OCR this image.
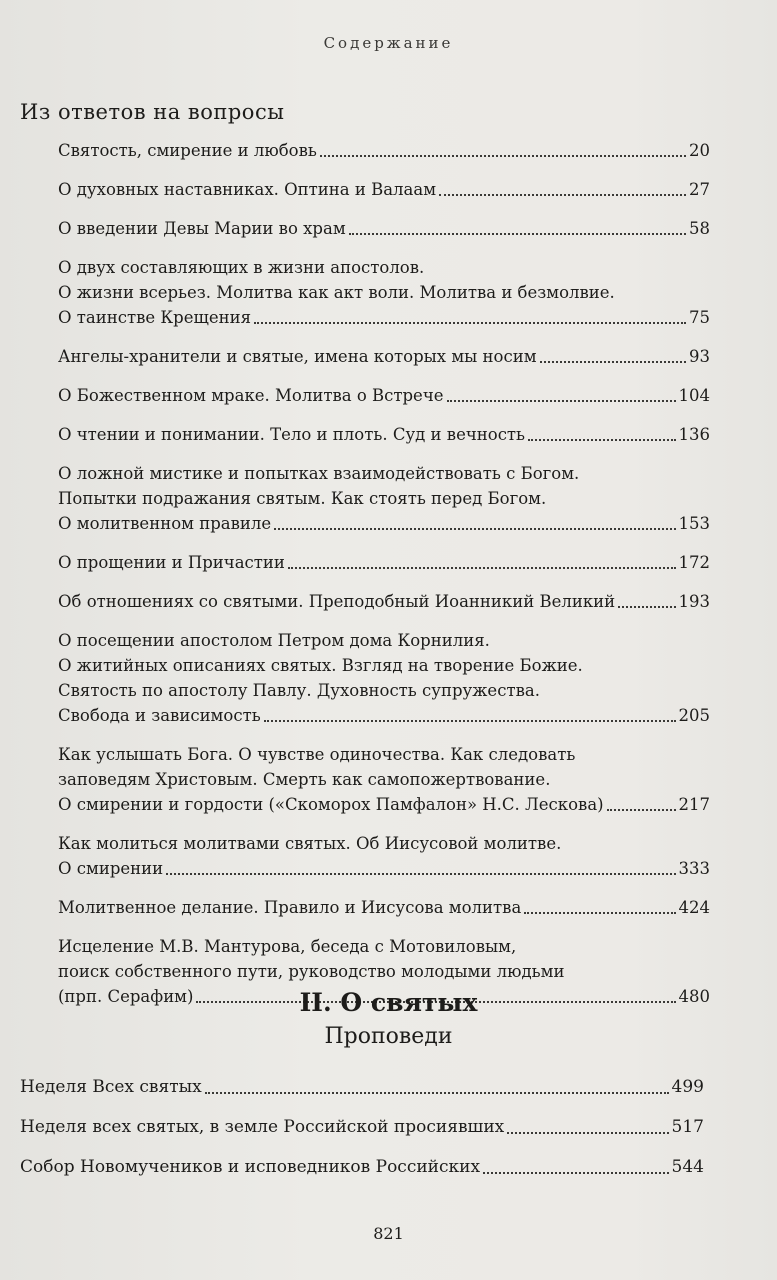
Содержание
Из ответов на вопросы
Святость, смирение и любовь	20
О духовных наставниках. Оптина и Валаам	27
О введении Девы Марии во храм	58
О двух составляющих в жизни апостолов.
О жизни всерьез. Молитва как акт воли. Молитва и безмолвие.
О таинстве Крещения	75
Ангелы-хранители и святые, имена которых мы носим	93
О Божественном мраке. Молитва о Встрече	104
О чтении и понимании. Тело и плоть. Суд и вечность	136
О ложной мистике и попытках взаимодействовать с Богом.
Попытки подражания святым. Как стоять перед Богом.
О молитвенном правиле	153
О прощении и Причастии	172
Об отношениях со святыми. Преподобный Иоанникий Великий	193
О посещении апостолом Петром дома Корнилия.
О житийных описаниях святых. Взгляд на творение Божие.
Святость по апостолу Павлу. Духовность супружества.
Свобода и зависимость	205
Как услышать Бога. О чувстве одиночества. Как следовать
заповедям Христовым. Смерть как самопожертвование.
О смирении и гордости («Скоморох Памфалон» Н.С. Лескова)	217
Как молиться молитвами святых. Об Иисусовой молитве.
О смирении	333
Молитвенное делание. Правило и Иисусова молитва	424
Исцеление М.В. Мантурова, беседа с Мотовиловым,
поиск собственного пути, руководство молодыми людьми
(прп. Серафим)	480
II. О святых
Проповеди
Неделя Всех святых	499
Неделя всех святых, в земле Российской просиявших	517
Собор Новомучеников и исповедников Российских	544
821
